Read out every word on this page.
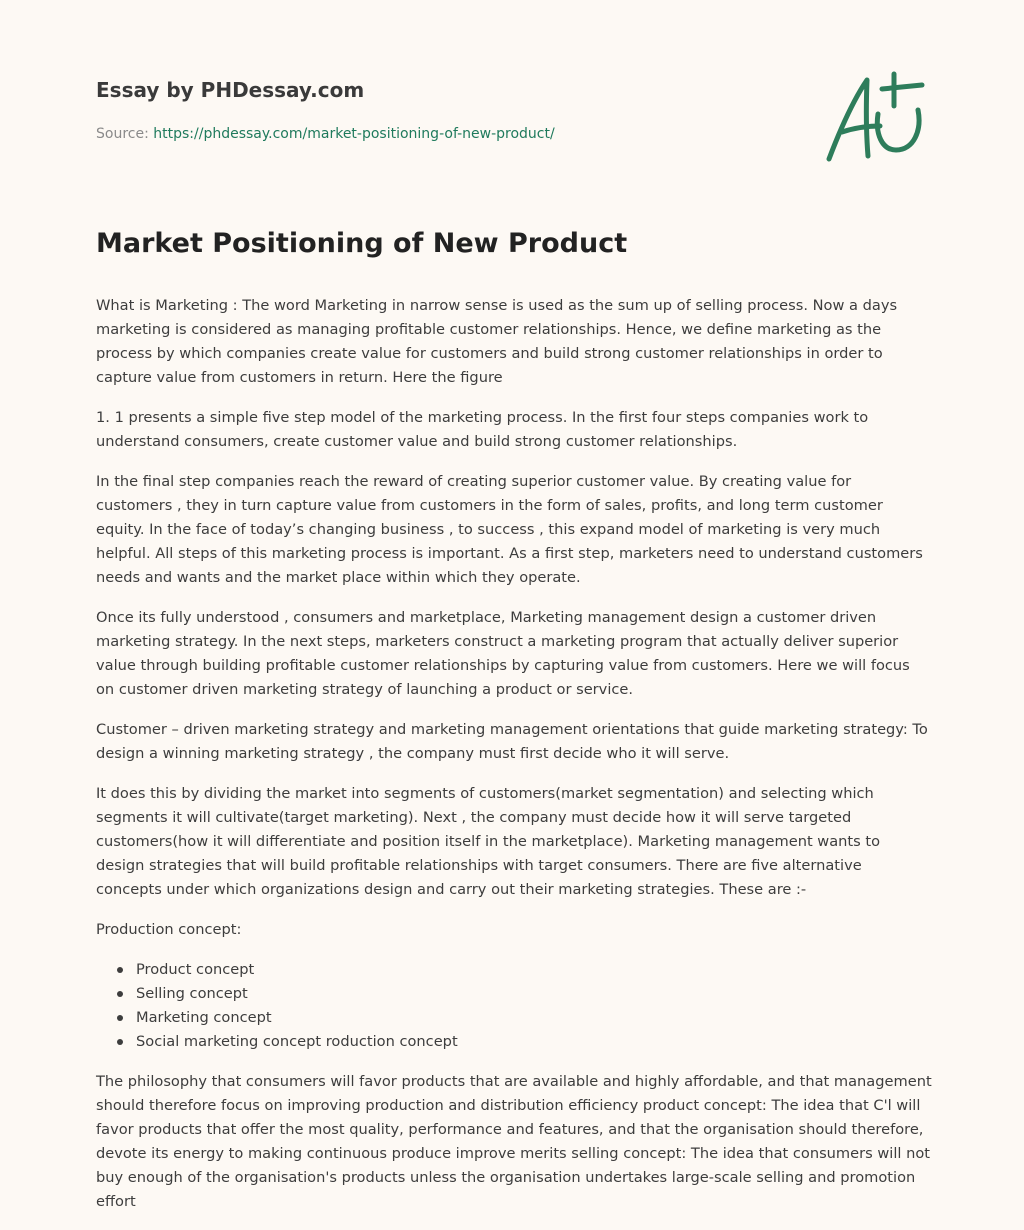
Essay by PHDessay.com
Source: https://phdessay.com/market-positioning-of-new-product/
Market Positioning of New Product

What is Marketing : The word Marketing in narrow sense is used as the sum up of selling process. Now a days marketing is considered as managing profitable customer relationships. Hence, we define marketing as the process by which companies create value for customers and build strong customer relationships in order to capture value from customers in return. Here the figure

1. 1 presents a simple five step model of the marketing process. In the first four steps companies work to understand consumers, create customer value and build strong customer relationships.

In the final step companies reach the reward of creating superior customer value. By creating value for customers , they in turn capture value from customers in the form of sales, profits, and long term customer equity. In the face of today’s changing business , to success , this expand model of marketing is very much helpful. All steps of this marketing process is important. As a first step, marketers need to understand customers needs and wants and the market place within which they operate.

Once its fully understood , consumers and marketplace, Marketing management design a customer driven marketing strategy. In the next steps, marketers construct a marketing program that actually deliver superior value through building profitable customer relationships by capturing value from customers. Here we will focus on customer driven marketing strategy of launching a product or service.

Customer – driven marketing strategy and marketing management orientations that guide marketing strategy: To design a winning marketing strategy , the company must first decide who it will serve.

It does this by dividing the market into segments of customers(market segmentation) and selecting which segments it will cultivate(target marketing). Next , the company must decide how it will serve targeted customers(how it will differentiate and position itself in the marketplace). Marketing management wants to design strategies that will build profitable relationships with target consumers. There are five alternative concepts under which organizations design and carry out their marketing strategies. These are :-

Production concept:

Product concept
Selling concept
Marketing concept
Social marketing concept roduction concept

The philosophy that consumers will favor products that are available and highly affordable, and that management should therefore focus on improving production and distribution efficiency product concept: The idea that C'l will favor products that offer the most quality, performance and features, and that the organisation should therefore, devote its energy to making continuous produce improve merits selling concept: The idea that consumers will not buy enough of the organisation's products unless the organisation undertakes large-scale selling and promotion effort
